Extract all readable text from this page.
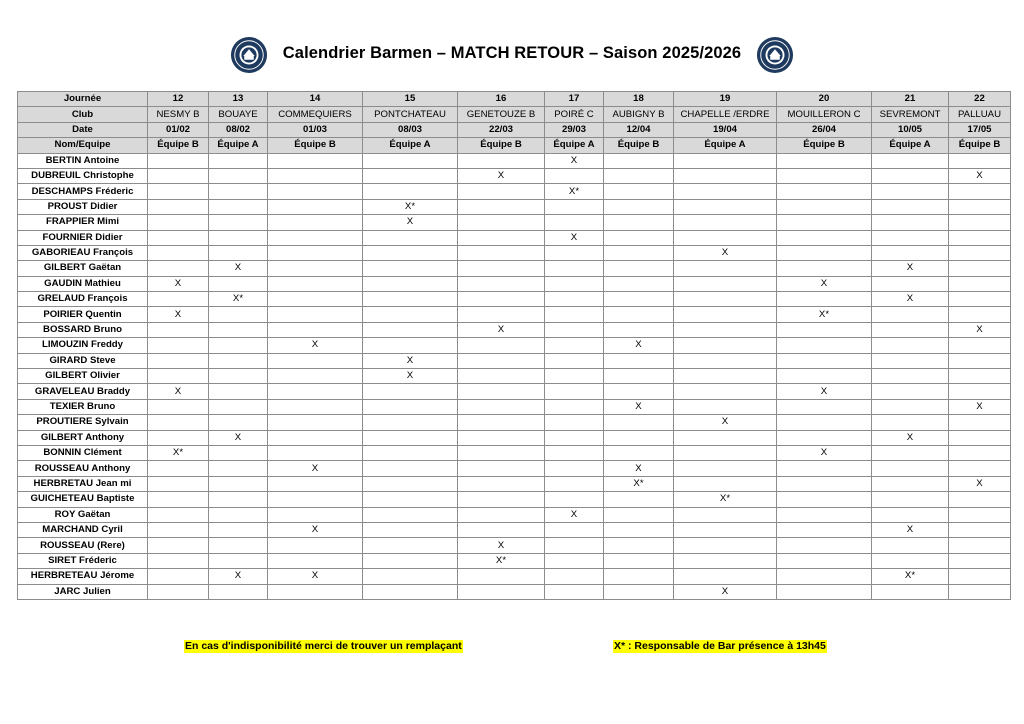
Calendrier Barmen – MATCH RETOUR – Saison 2025/2026
Journée	12	13	14	15	16	17	18	19	20	21	22
Club	NESMY B	BOUAYE	COMMEQUIERS	PONTCHATEAU	GENETOUZE B	POIRÉ C	AUBIGNY B	CHAPELLE /ERDRE	MOUILLERON C	SEVREMONT	PALLUAU
Date	01/02	08/02	01/03	08/03	22/03	29/03	12/04	19/04	26/04	10/05	17/05
Nom/Equipe	Équipe B	Équipe A	Équipe B	Équipe A	Équipe B	Équipe A	Équipe B	Équipe A	Équipe B	Équipe A	Équipe B
BERTIN Antoine						X					
DUBREUIL Christophe					X						X
DESCHAMPS Fréderic						X*					
PROUST Didier				X*							
FRAPPIER Mimi				X							
FOURNIER Didier						X					
GABORIEAU François								X			
GILBERT Gaëtan		X								X	
GAUDIN Mathieu	X								X		
GRELAUD François		X*								X	
POIRIER Quentin	X								X*		
BOSSARD Bruno					X						X
LIMOUZIN Freddy			X				X				
GIRARD Steve				X							
GILBERT Olivier				X							
GRAVELEAU Braddy	X								X		
TEXIER Bruno							X				X
PROUTIERE Sylvain								X			
GILBERT Anthony		X								X	
BONNIN Clément	X*								X		
ROUSSEAU Anthony			X				X				
HERBRETAU Jean mi							X*				X
GUICHETEAU Baptiste								X*			
ROY Gaëtan						X					
MARCHAND Cyril			X							X	
ROUSSEAU (Rere)					X						
SIRET Fréderic					X*						
HERBRETEAU Jérome		X	X							X*	
JARC Julien								X			
En cas d'indisponibilité merci de trouver un remplaçant	X* : Responsable de Bar présence à 13h45
